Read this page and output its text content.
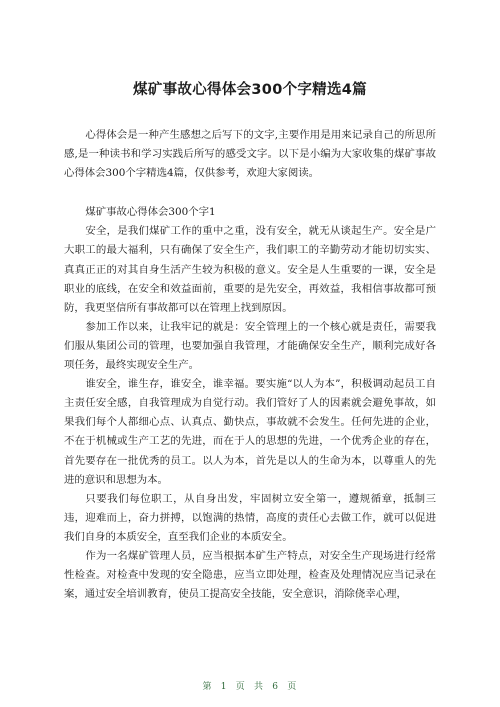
煤矿事故心得体会300个字精选4篇

心得体会是一种产生感想之后写下的文字,主要作用是用来记录自己的所思所感,是一种读书和学习实践后所写的感受文字。以下是小编为大家收集的煤矿事故心得体会300个字精选4篇，仅供参考，欢迎大家阅读。

煤矿事故心得体会300个字1

安全，是我们煤矿工作的重中之重，没有安全，就无从谈起生产。安全是广大职工的最大福利，只有确保了安全生产，我们职工的辛勤劳动才能切切实实、真真正正的对其自身生活产生较为积极的意义。安全是人生重要的一课，安全是职业的底线，在安全和效益面前，重要的是先安全，再效益，我相信事故都可预防，我更坚信所有事故都可以在管理上找到原因。

参加工作以来，让我牢记的就是：安全管理上的一个核心就是责任，需要我们服从集团公司的管理，也要加强自我管理，才能确保安全生产，顺利完成好各项任务，最终实现安全生产。

谁安全，谁生存，谁安全，谁幸福。要实施“以人为本”，积极调动起员工自主责任安全感，自我管理成为自觉行动。我们管好了人的因素就会避免事故，如果我们每个人都细心点、认真点、勤快点，事故就不会发生。任何先进的企业，不在于机械或生产工艺的先进，而在于人的思想的先进，一个优秀企业的存在，首先要存在一批优秀的员工。以人为本，首先是以人的生命为本，以尊重人的先进的意识和思想为本。

只要我们每位职工，从自身出发，牢固树立安全第一，遵规循章，抵制三违，迎难而上，奋力拼搏，以饱满的热情，高度的责任心去做工作，就可以促进我们自身的本质安全，直至我们企业的本质安全。

作为一名煤矿管理人员，应当根据本矿生产特点，对安全生产现场进行经常性检查。对检查中发现的安全隐患，应当立即处理，检查及处理情况应当记录在案，通过安全培训教育，使员工提高安全技能，安全意识，消除侥幸心理，

第 1 页 共 6 页
